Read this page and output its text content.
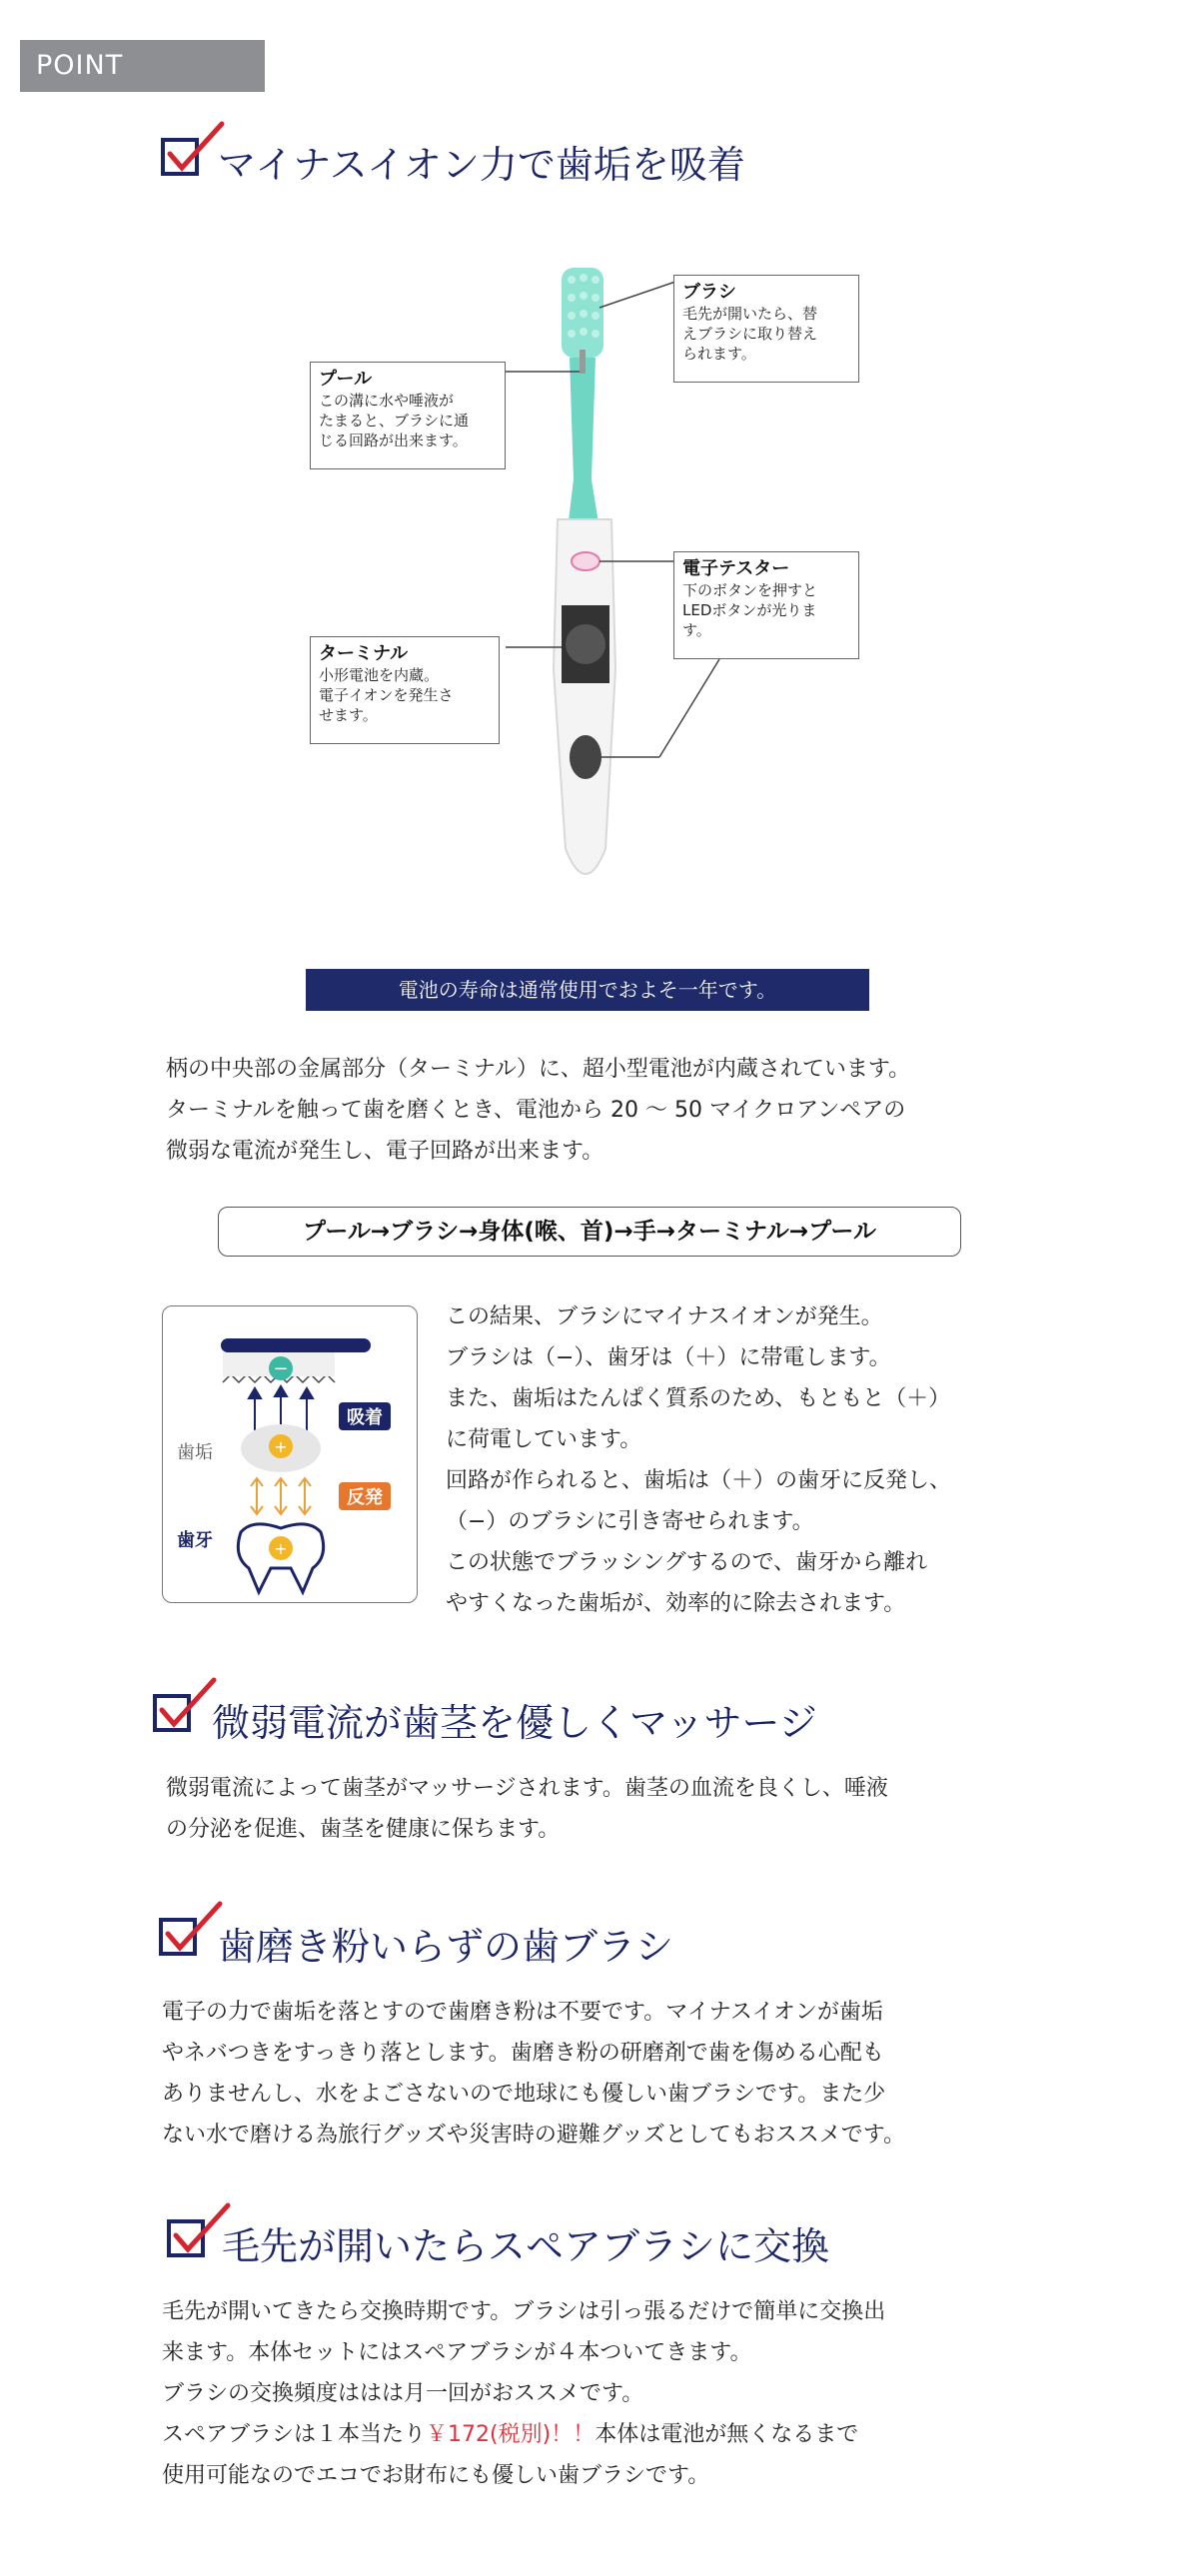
POINT
マイナスイオン力で歯垢を吸着
ブラシ
毛先が開いたら、替
えブラシに取り替え
られます。
プール
この溝に水や唾液が
たまると、ブラシに通
じる回路が出来ます。
電子テスター
下のボタンを押すと
LEDボタンが光りま
す。
ターミナル
小形電池を内蔵。
電子イオンを発生さ
せます。
電池の寿命は通常使用でおよそ一年です。
柄の中央部の金属部分（ターミナル）に、超小型電池が内蔵されています。
ターミナルを触って歯を磨くとき、電池から 20 〜 50 マイクロアンペアの
微弱な電流が発生し、電子回路が出来ます。
プール→ブラシ→身体(喉、首)→手→ターミナル→プール
−
+
+
吸着
反発
歯垢
歯牙
この結果、ブラシにマイナスイオンが発生。
ブラシは（−）、歯牙は（＋）に帯電します。
また、歯垢はたんぱく質系のため、もともと（＋）
に荷電しています。
回路が作られると、歯垢は（＋）の歯牙に反発し、
（−）のブラシに引き寄せられます。
この状態でブラッシングするので、歯牙から離れ
やすくなった歯垢が、効率的に除去されます。
微弱電流が歯茎を優しくマッサージ
微弱電流によって歯茎がマッサージされます。歯茎の血流を良くし、唾液
の分泌を促進、歯茎を健康に保ちます。
歯磨き粉いらずの歯ブラシ
電子の力で歯垢を落とすので歯磨き粉は不要です。マイナスイオンが歯垢
やネバつきをすっきり落とします。歯磨き粉の研磨剤で歯を傷める心配も
ありませんし、水をよごさないので地球にも優しい歯ブラシです。また少
ない水で磨ける為旅行グッズや災害時の避難グッズとしてもおススメです。
毛先が開いたらスペアブラシに交換
毛先が開いてきたら交換時期です。ブラシは引っ張るだけで簡単に交換出
来ます。本体セットにはスペアブラシが４本ついてきます。
ブラシの交換頻度ははは月一回がおススメです。
スペアブラシは１本当たり￥172(税別)！！本体は電池が無くなるまで
使用可能なのでエコでお財布にも優しい歯ブラシです。
